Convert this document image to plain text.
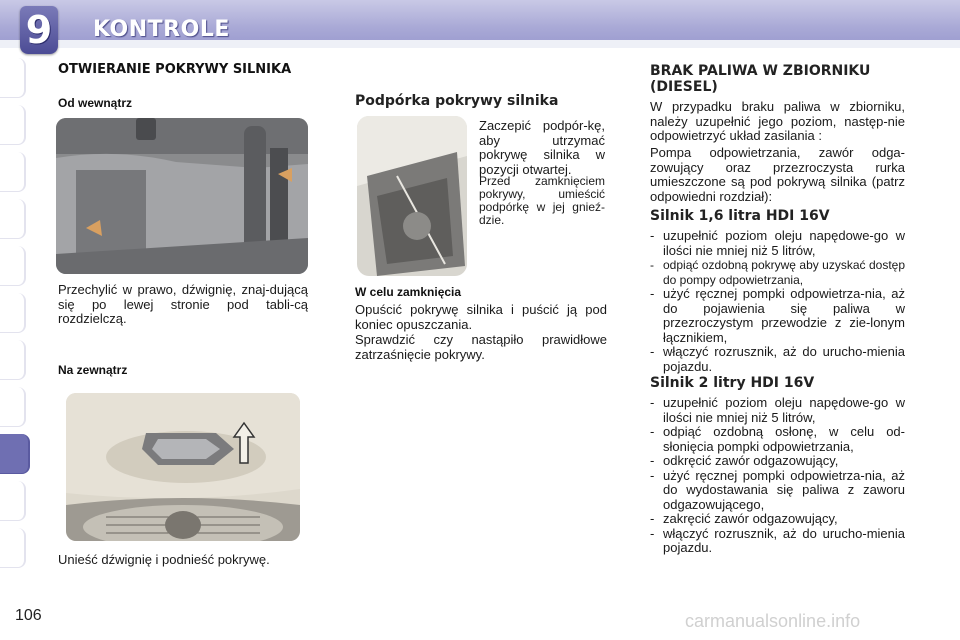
9 KONTROLE
OTWIERANIE POKRYWY SILNIKA
Od wewnątrz

Przechylić w prawo, dźwignię, znaj-dującą się po lewej stronie pod tabli-cą rozdzielczą.

Na zewnątrz

Unieść dźwignię i podnieść pokrywę.

Podpórka pokrywy silnika

Zaczepić podpór-kę, aby utrzymać pokrywę silnika w pozycji otwartej.

Przed zamknięciem pokrywy, umieścić podpórkę w jej gnieź-dzie.

W celu zamknięcia

Opuścić pokrywę silnika i puścić ją pod koniec opuszczania.

Sprawdzić czy nastąpiło prawidłowe zatrzaśnięcie pokrywy.

BRAK PALIWA W ZBIORNIKU (DIESEL)

W przypadku braku paliwa w zbiorniku, należy uzupełnić jego poziom, następ-nie odpowietrzyć układ zasilania :

Pompa odpowietrzania, zawór odga-zowujący oraz przezroczysta rurka umieszczone są pod pokrywą silnika (patrz odpowiedni rozdział):

Silnik 1,6 litra HDI 16V
- uzupełnić poziom oleju napędowe-go w ilości nie mniej niż 5 litrów,
- odpiąć ozdobną pokrywę aby uzyskać dostęp do pompy odpowietrzania,
- użyć ręcznej pompki odpowietrza-nia, aż do pojawienia się paliwa w przezroczystym przewodzie z zie-lonym łącznikiem,
- włączyć rozrusznik, aż do urucho-mienia pojazdu.
Silnik 2 litry HDI 16V
- uzupełnić poziom oleju napędowe-go w ilości nie mniej niż 5 litrów,
- odpiąć ozdobną osłonę, w celu od-słonięcia pompki odpowietrzania,
- odkręcić zawór odgazowujący,
- użyć ręcznej pompki odpowietrza-nia, aż do wydostawania się paliwa z zaworu odgazowującego,
- zakręcić zawór odgazowujący,
- włączyć rozrusznik, aż do urucho-mienia pojazdu.
106	carmanualsonline.info
